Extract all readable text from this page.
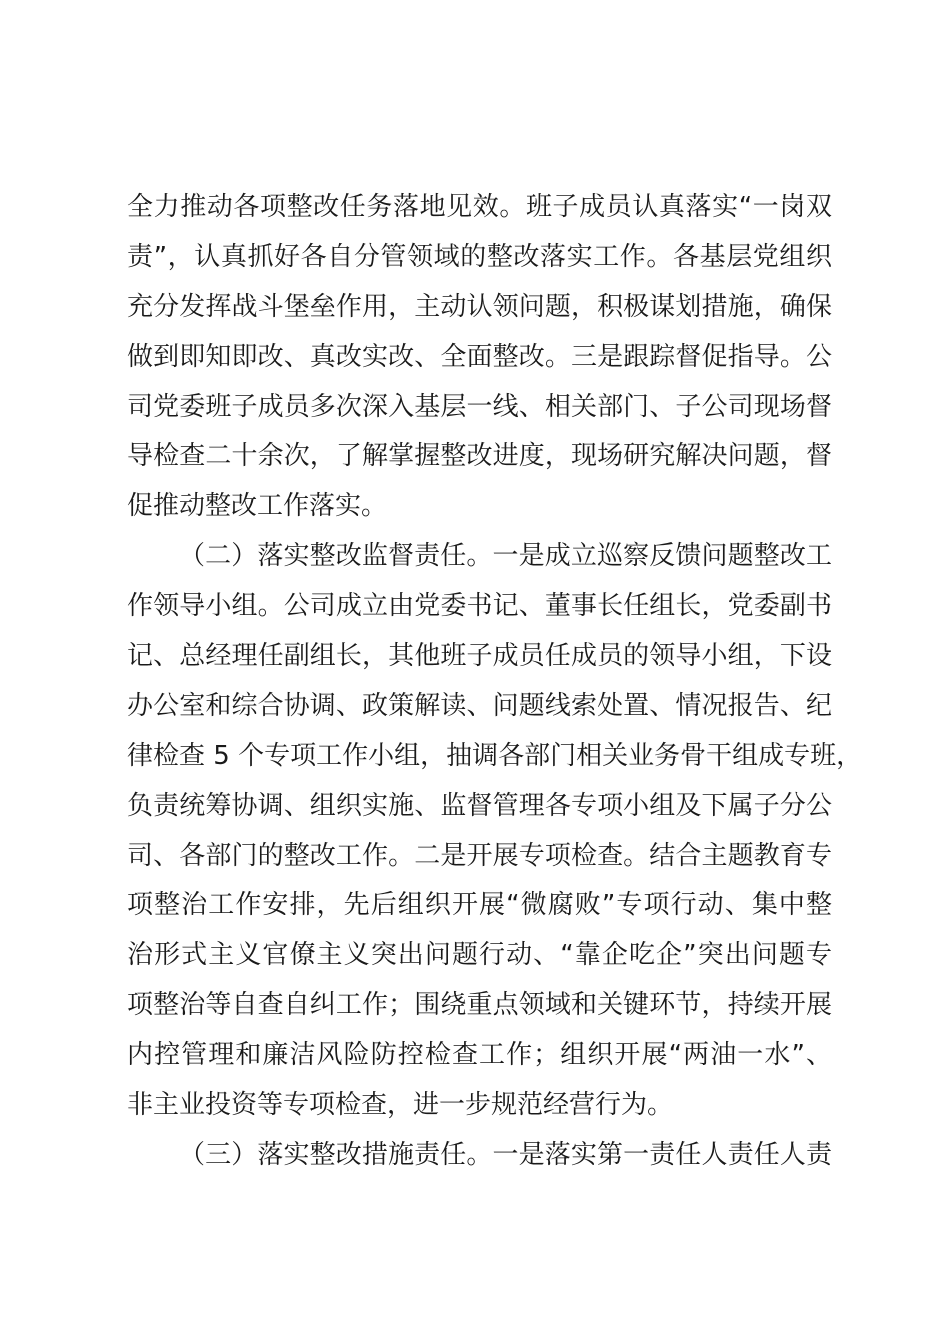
全力推动各项整改任务落地见效。班子成员认真落实“一岗双
责”，认真抓好各自分管领域的整改落实工作。各基层党组织
充分发挥战斗堡垒作用，主动认领问题，积极谋划措施，确保
做到即知即改、真改实改、全面整改。三是跟踪督促指导。公
司党委班子成员多次深入基层一线、相关部门、子公司现场督
导检查二十余次，了解掌握整改进度，现场研究解决问题，督
促推动整改工作落实。
（二）落实整改监督责任。一是成立巡察反馈问题整改工
作领导小组。公司成立由党委书记、董事长任组长，党委副书
记、总经理任副组长，其他班子成员任成员的领导小组，下设
办公室和综合协调、政策解读、问题线索处置、情况报告、纪
律检查 5 个专项工作小组，抽调各部门相关业务骨干组成专班，
负责统筹协调、组织实施、监督管理各专项小组及下属子分公
司、各部门的整改工作。二是开展专项检查。结合主题教育专
项整治工作安排，先后组织开展“微腐败”专项行动、集中整
治形式主义官僚主义突出问题行动、“靠企吃企”突出问题专
项整治等自查自纠工作；围绕重点领域和关键环节，持续开展
内控管理和廉洁风险防控检查工作；组织开展“两油一水”、
非主业投资等专项检查，进一步规范经营行为。
（三）落实整改措施责任。一是落实第一责任人责任人责
